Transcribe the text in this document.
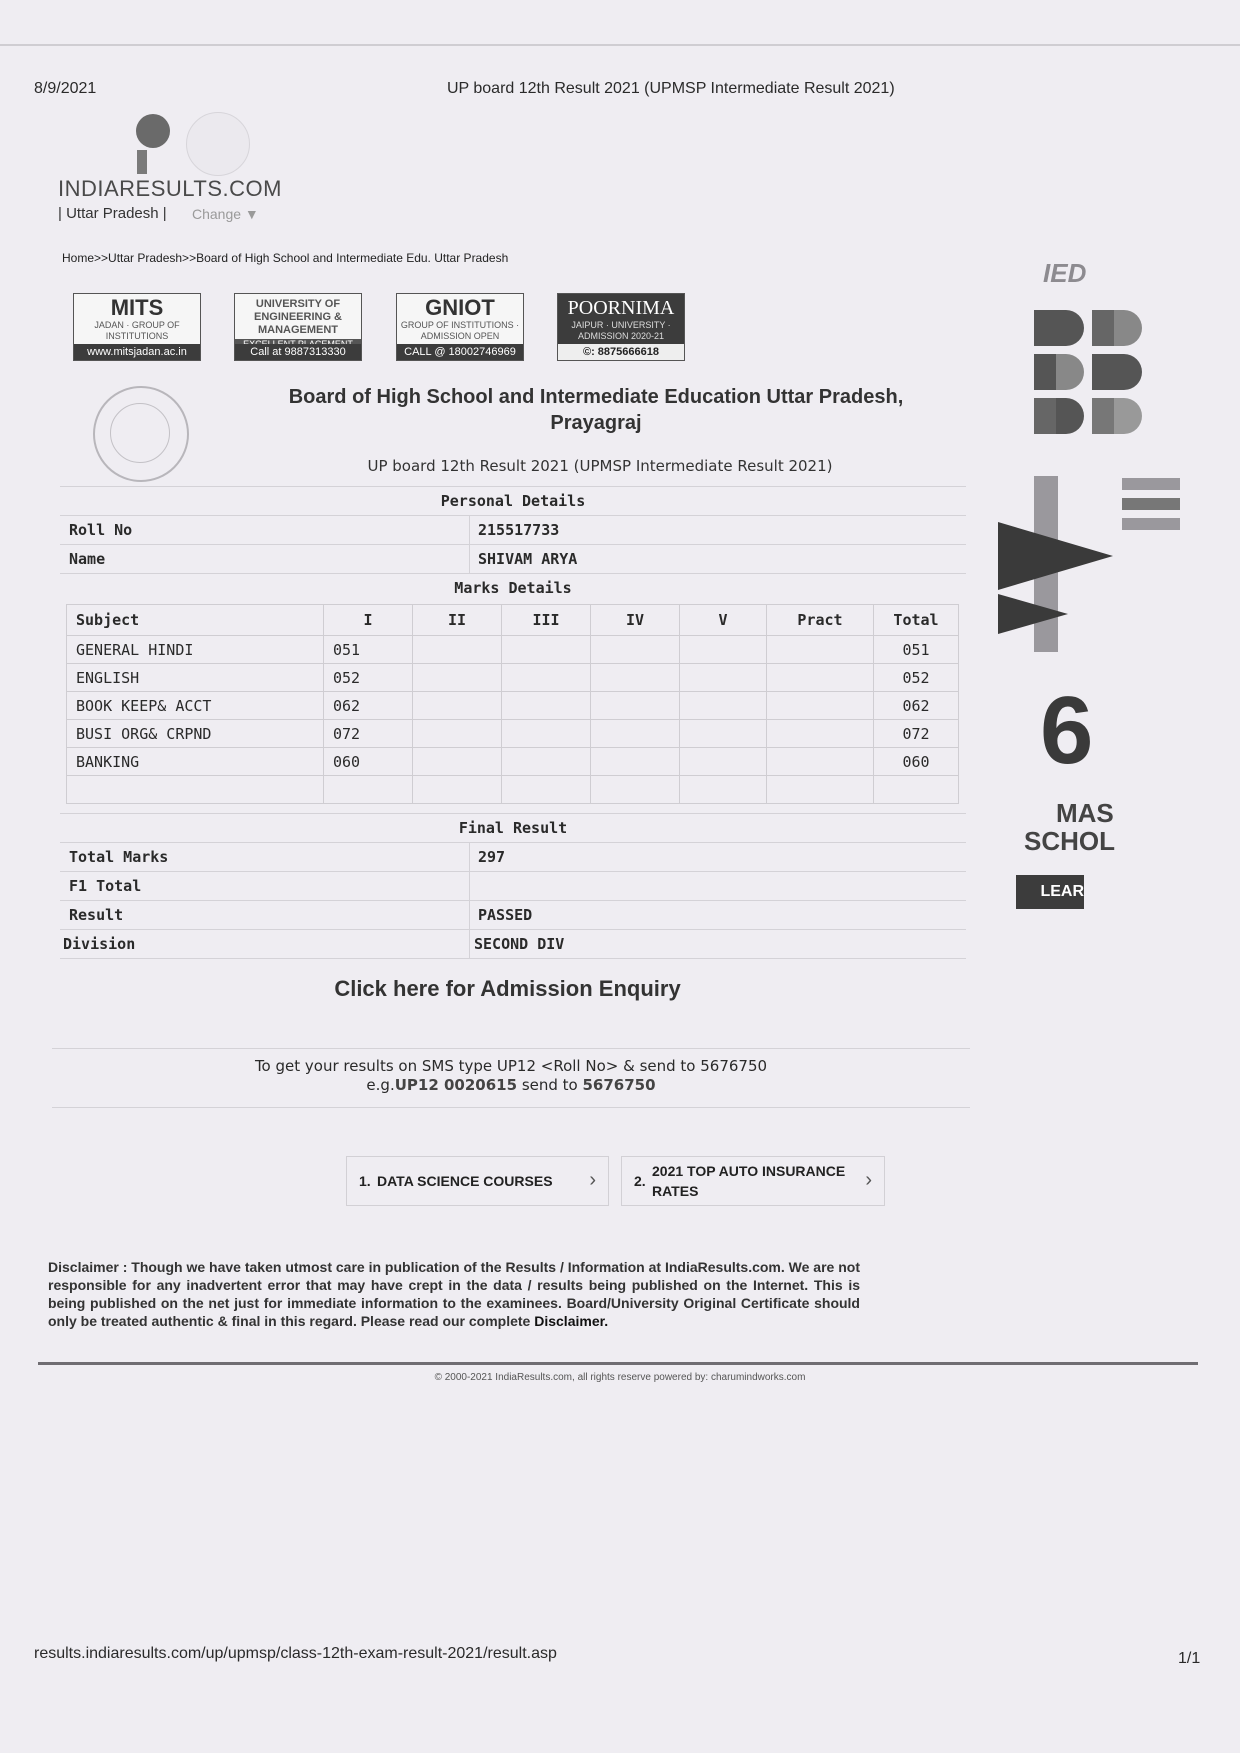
8/9/2021	UP board 12th Result 2021 (UPMSP Intermediate Result 2021)
INDIARESULTS.COM
| Uttar Pradesh | Change ▼
Home>>Uttar Pradesh>>Board of High School and Intermediate Edu. Uttar Pradesh
MITS
JADAN · GROUP OF INSTITUTIONS
www.mitsjadan.ac.in
UNIVERSITY OF ENGINEERING & MANAGEMENT
Call at 9887313330
GNIOT
GROUP OF INSTITUTIONS · ADMISSION OPEN
CALL @ 18002746969
POORNIMA
JAIPUR · UNIVERSITY · ADMISSION 2020-21
©: 8875666618
Board of High School and Intermediate Education Uttar Pradesh,
Prayagraj
UP board 12th Result 2021 (UPMSP Intermediate Result 2021)
Personal Details
Roll No	215517733
Name	SHIVAM ARYA
Marks Details
Subject	I	II	III	IV	V	Pract	Total
GENERAL HINDI	051						051
ENGLISH	052						052
BOOK KEEP& ACCT	062						062
BUSI ORG& CRPND	072						072
BANKING	060						060

Final Result
Total Marks	297
F1 Total
Result	PASSED
Division	SECOND DIV
Click here for Admission Enquiry
To get your results on SMS type UP12 <Roll No> & send to 5676750
e.g.UP12 0020615 send to 5676750
1. DATA SCIENCE COURSES	›	2.
2021 TOP AUTO INSURANCE RATES	›
Disclaimer : Though we have taken utmost care in publication of the Results / Information at IndiaResults.com. We are not responsible for any inadvertent error that may have crept in the data / results being published on the Internet. This is being published on the net just for immediate information to the examinees. Board/University Original Certificate should only be treated authentic & final in this regard. Please read our complete Disclaimer.
© 2000-2021 IndiaResults.com, all rights reserve powered by: charumindworks.com
results.indiaresults.com/up/upmsp/class-12th-exam-result-2021/result.asp	1/1
IED
6
MAS
SCHOL
LEAR
